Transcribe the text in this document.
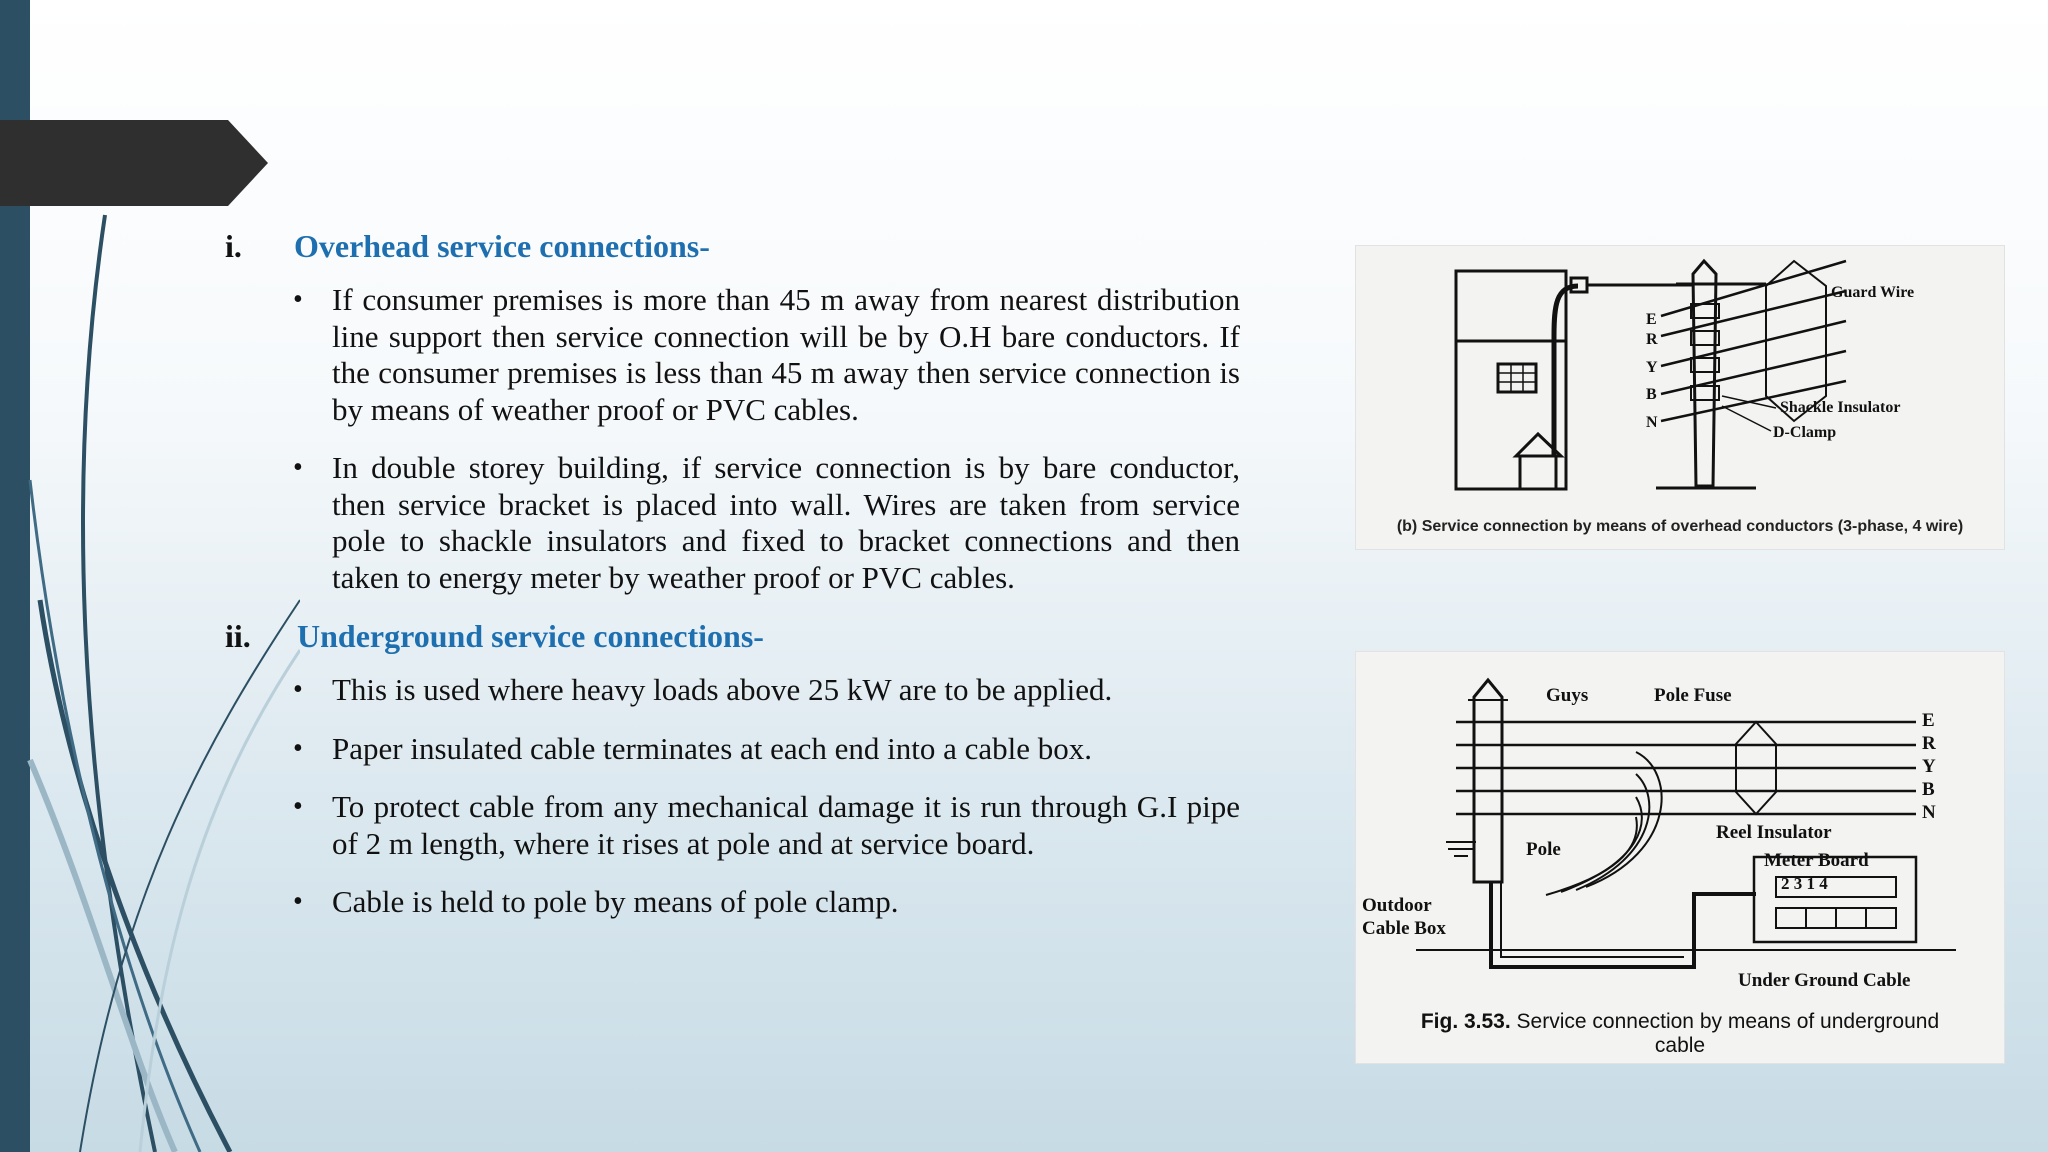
i. Overhead service connections-
• If consumer premises is more than 45 m away from nearest distribution line support then service connection will be by O.H bare conductors. If the consumer premises is less than 45 m away then service connection is by means of weather proof or PVC cables.
• In double storey building, if service connection is by bare conductor, then service bracket is placed into wall. Wires are taken from service pole to shackle insulators and fixed to bracket connections and then taken to energy meter by weather proof or PVC cables.
ii. Underground service connections-
• This is used where heavy loads above 25 kW are to be applied.
• Paper insulated cable terminates at each end into a cable box.
• To protect cable from any mechanical damage it is run through G.I pipe of 2 m length, where it rises at pole and at service board.
• Cable is held to pole by means of pole clamp.
Guard Wire
Shackle Insulator
D-Clamp
E
R
Y
B
N
(b) Service connection by means of overhead conductors (3-phase, 4 wire)
Guys	Pole Fuse
Pole
Reel Insulator
Meter Board
2 3 1 4
Outdoor
Cable Box
Under Ground Cable
E
R
Y
B
N
Fig. 3.53. Service connection by means of underground cable
